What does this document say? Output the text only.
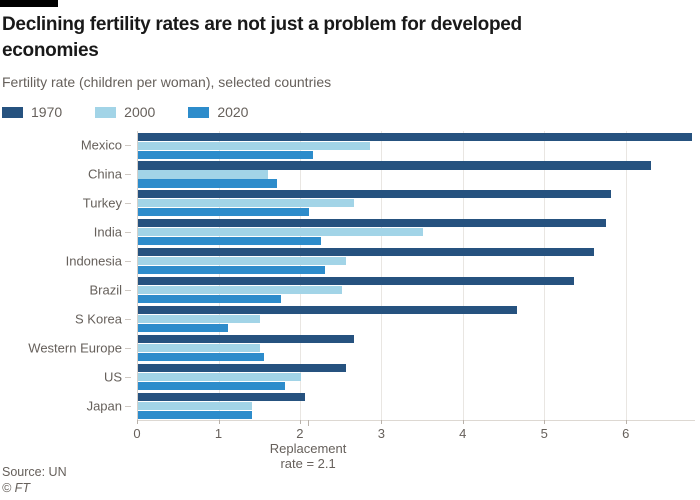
Declining fertility rates are not just a problem for developed economies

Fertility rate (children per woman), selected countries

1970	2000	2020
Mexico
China
Turkey
India
Indonesia
Brazil
S Korea
Western Europe
US
Japan
0	1	2	3	4	5	6
Replacement rate = 2.1
Source: UN
© FT
